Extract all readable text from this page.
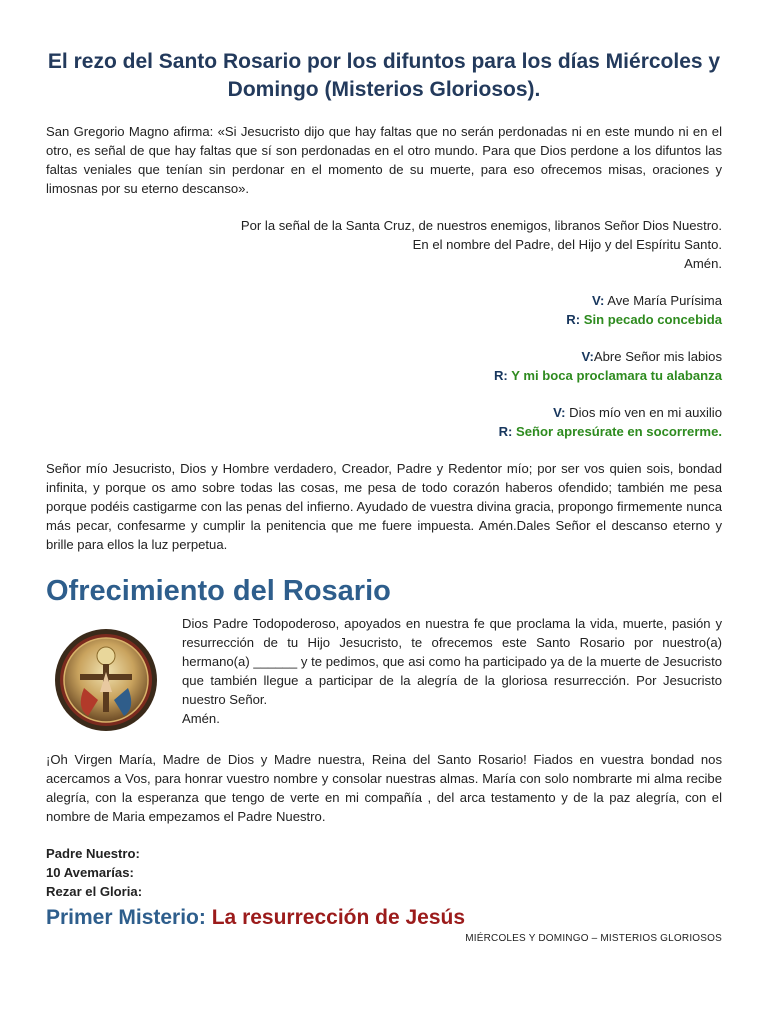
El rezo del Santo Rosario por los difuntos para los días Miércoles y Domingo (Misterios Gloriosos).

San Gregorio Magno afirma: «Si Jesucristo dijo que hay faltas que no serán perdonadas ni en este mundo ni en el otro, es señal de que hay faltas que sí son perdonadas en el otro mundo. Para que Dios perdone a los difuntos las faltas veniales que tenían sin perdonar en el momento de su muerte, para eso ofrecemos misas, oraciones y limosnas por su eterno descanso».

Por la señal de la Santa Cruz, de nuestros enemigos, libranos Señor Dios Nuestro.

En el nombre del Padre, del Hijo y del Espíritu Santo.

Amén.

V: Ave María Purísima

R: Sin pecado concebida

V:Abre Señor mis labios

R: Y mi boca proclamara tu alabanza

V: Dios mío ven en mi auxilio

R: Señor apresúrate en socorrerme.

Señor mío Jesucristo, Dios y Hombre verdadero, Creador, Padre y Redentor mío; por ser vos quien sois, bondad infinita, y porque os amo sobre todas las cosas, me pesa de todo corazón haberos ofendido; también me pesa porque podéis castigarme con las penas del infierno. Ayudado de vuestra divina gracia, propongo firmemente nunca más pecar, confesarme y cumplir la penitencia que me fuere impuesta. Amén.Dales Señor el descanso eterno y brille para ellos la luz perpetua.

Ofrecimiento del Rosario

Dios Padre Todopoderoso, apoyados en nuestra fe que proclama la vida, muerte, pasión y resurrección de tu Hijo Jesucristo, te ofrecemos este Santo Rosario por nuestro(a) hermano(a) ______ y te pedimos, que asi como ha participado ya de la muerte de Jesucristo que también llegue a participar de la alegría de la gloriosa resurrección. Por Jesucristo nuestro Señor.

Amén.

¡Oh Virgen María, Madre de Dios y Madre nuestra, Reina del Santo Rosario! Fiados en vuestra bondad nos acercamos a Vos, para honrar vuestro nombre y consolar nuestras almas. María con solo nombrarte mi alma recibe alegría, con la esperanza que tengo de verte en mi compañía , del arca testamento y de la paz alegría, con el nombre de Maria empezamos el Padre Nuestro.

Padre Nuestro:

10 Avemarías:

Rezar el Gloria:

Primer Misterio: La resurrección de Jesús
MIÉRCOLES Y DOMINGO – MISTERIOS GLORIOSOS
